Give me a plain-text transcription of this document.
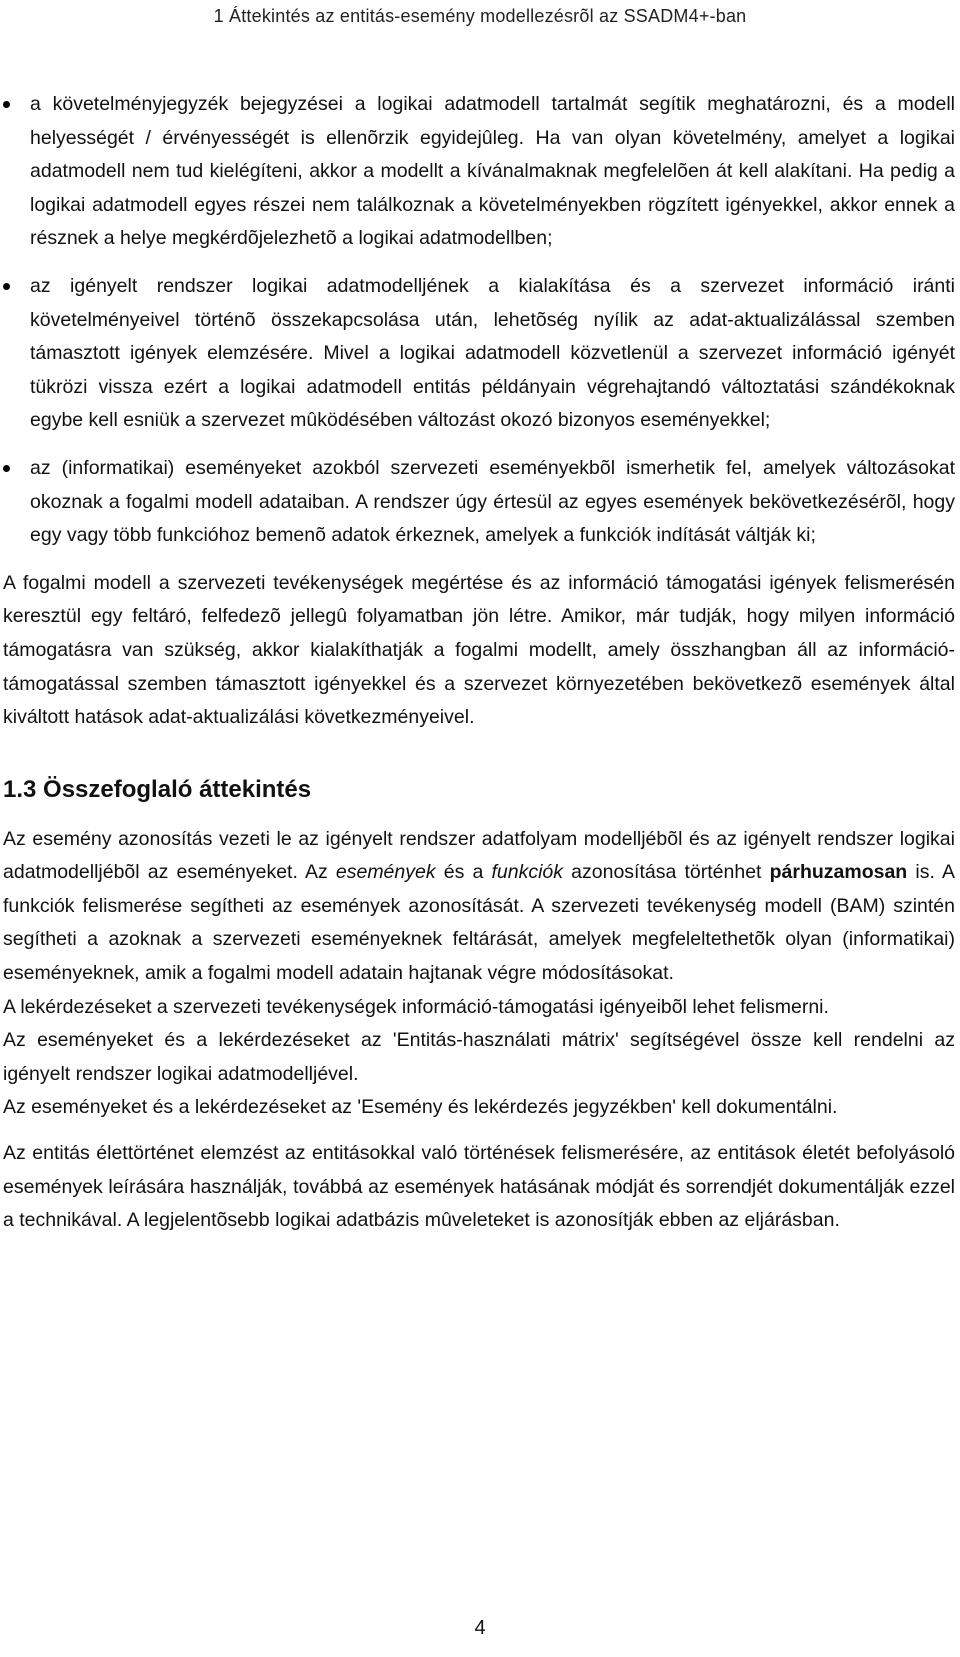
1 Áttekintés az entitás-esemény modellezésrõl az SSADM4+-ban
a követelményjegyzék bejegyzései a logikai adatmodell tartalmát segítik meghatározni, és a modell helyességét / érvényességét is ellenõrzik egyidejûleg. Ha van olyan követelmény, amelyet a logikai adatmodell nem tud kielégíteni, akkor a modellt a kívánalmaknak megfelelõen át kell alakítani. Ha pedig a logikai adatmodell egyes részei nem találkoznak a követelményekben rögzített igényekkel, akkor ennek a résznek a helye megkérdõjelezhetõ a logikai adatmodellben;
az igényelt rendszer logikai adatmodelljének a kialakítása és a szervezet információ iránti követelményeivel történõ összekapcsolása után, lehetõség nyílik az adat-aktualizálással szemben támasztott igények elemzésére. Mivel a logikai adatmodell közvetlenül a szervezet információ igényét tükrözi vissza ezért a logikai adatmodell entitás példányain végrehajtandó változtatási szándékoknak egybe kell esniük a szervezet mûködésében változást okozó bizonyos eseményekkel;
az (informatikai) eseményeket azokból szervezeti eseményekbõl ismerhetik fel, amelyek változásokat okoznak a fogalmi modell adataiban. A rendszer úgy értesül az egyes események bekövetkezésérõl, hogy egy vagy több funkcióhoz bemenõ adatok érkeznek, amelyek a funkciók indítását váltják ki;

A fogalmi modell a szervezeti tevékenységek megértése és az információ támogatási igények felismerésén keresztül egy feltáró, felfedezõ jellegû folyamatban jön létre. Amikor, már tudják, hogy milyen információ támogatásra van szükség, akkor kialakíthatják a fogalmi modellt, amely összhangban áll az információ-támogatással szemben támasztott igényekkel és a szervezet környezetében bekövetkezõ események által kiváltott hatások adat-aktualizálási következményeivel.

1.3 Összefoglaló áttekintés

Az esemény azonosítás vezeti le az igényelt rendszer adatfolyam modelljébõl és az igényelt rendszer logikai adatmodelljébõl az eseményeket. Az események és a funkciók azonosítása történhet párhuzamosan is. A funkciók felismerése segítheti az események azonosítását. A szervezeti tevékenység modell (BAM) szintén segítheti a azoknak a szervezeti eseményeknek feltárását, amelyek megfeleltethetõk olyan (informatikai) eseményeknek, amik a fogalmi modell adatain hajtanak végre módosításokat.

A lekérdezéseket a szervezeti tevékenységek információ-támogatási igényeibõl lehet felismerni.

Az eseményeket és a lekérdezéseket az 'Entitás-használati mátrix' segítségével össze kell rendelni az igényelt rendszer logikai adatmodelljével.

Az eseményeket és a lekérdezéseket az 'Esemény és lekérdezés jegyzékben' kell dokumentálni.

Az entitás élettörténet elemzést az entitásokkal való történések felismerésére, az entitások életét befolyásoló események leírására használják, továbbá az események hatásának módját és sorrendjét dokumentálják ezzel a technikával. A legjelentõsebb logikai adatbázis mûveleteket is azonosítják ebben az eljárásban.

4
